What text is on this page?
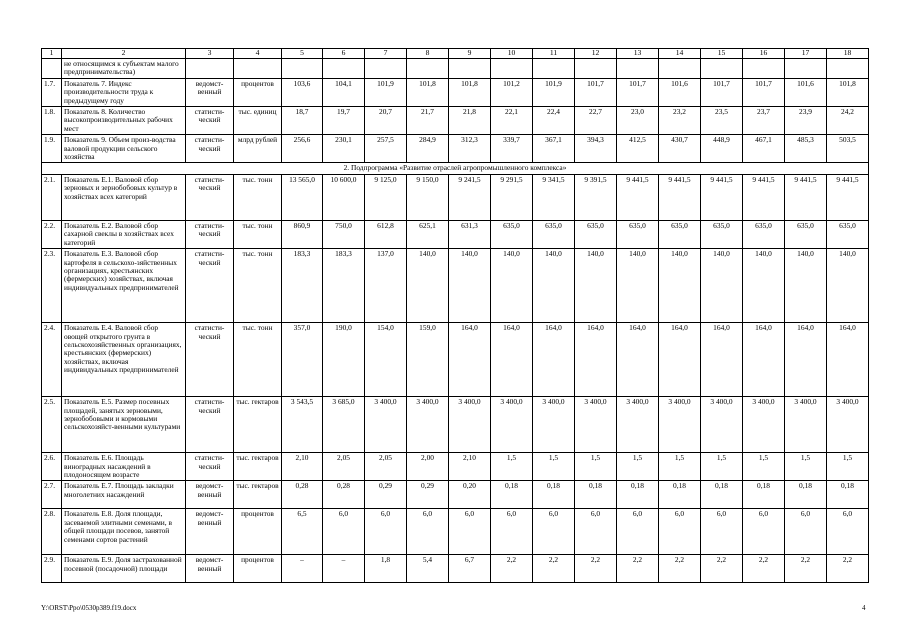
1	2	3	4	5	6	7	8	9	10	11	12	13	14	15	16	17	18
	не относящимся к субъектам малого предпринимательства)																
1.7.	Показатель 7. Индекс производительности труда к предыдущему году	ведомст-венный	процентов	103,6	104,1	101,9	101,8	101,8	101,2	101,9	101,7	101,7	101,6	101,7	101,7	101,6	101,8
1.8.	Показатель 8. Количество высокопроизводительных рабочих мест	статисти-ческий	тыс. единиц	18,7	19,7	20,7	21,7	21,8	22,1	22,4	22,7	23,0	23,2	23,5	23,7	23,9	24,2
1.9.	Показатель 9. Объем произ-водства валовой продукции сельского хозяйства	статисти-ческий	млрд рублей	256,6	230,1	257,5	284,9	312,3	339,7	367,1	394,3	412,5	430,7	448,9	467,1	485,3	503,5
2. Подпрограмма «Развитие отраслей агропромышленного комплекса»																	
2.1.	Показатель Е.1. Валовой сбор зерновых и зернобобовых культур в хозяйствах всех категорий	статисти-ческий	тыс. тонн	13 565,0	10 600,0	9 125,0	9 150,0	9 241,5	9 291,5	9 341,5	9 391,5	9 441,5	9 441,5	9 441,5	9 441,5	9 441,5	9 441,5
2.2.	Показатель Е.2. Валовой сбор сахарной свеклы в хозяйствах всех категорий	статисти-ческий	тыс. тонн	860,9	750,0	612,8	625,1	631,3	635,0	635,0	635,0	635,0	635,0	635,0	635,0	635,0	635,0
2.3.	Показатель Е.3. Валовой сбор картофеля в сельскохо-зяйственных организациях, крестьянских (фермерских) хозяйствах, включая индивидуальных предпринимателей	статисти-ческий	тыс. тонн	183,3	183,3	137,0	140,0	140,0	140,0	140,0	140,0	140,0	140,0	140,0	140,0	140,0	140,0
2.4.	Показатель Е.4. Валовой сбор овощей открытого грунта в сельскохозяйственных организациях, крестьянских (фермерских) хозяйствах, включая индивидуальных предпринимателей	статисти-ческий	тыс. тонн	357,0	190,0	154,0	159,0	164,0	164,0	164,0	164,0	164,0	164,0	164,0	164,0	164,0	164,0
2.5.	Показатель Е.5. Размер посевных площадей, занятых зерновыми, зернобобовыми и кормовыми сельскохозяйст-венными культурами	статисти-ческий	тыс. гектаров	3 543,5	3 685,0	3 400,0	3 400,0	3 400,0	3 400,0	3 400,0	3 400,0	3 400,0	3 400,0	3 400,0	3 400,0	3 400,0	3 400,0
2.6.	Показатель Е.6. Площадь виноградных насаждений в плодоносящем возрасте	статисти-ческий	тыс. гектаров	2,10	2,05	2,05	2,00	2,10	1,5	1,5	1,5	1,5	1,5	1,5	1,5	1,5	1,5
2.7.	Показатель Е.7. Площадь закладки многолетних насаждений	ведомст-венный	тыс. гектаров	0,28	0,28	0,29	0,29	0,20	0,18	0,18	0,18	0,18	0,18	0,18	0,18	0,18	0,18
2.8.	Показатель Е.8. Доля площади, засеваемой элитными семенами, в общей площади посевов, занятой семенами сортов растений	ведомст-венный	процентов	6,5	6,0	6,0	6,0	6,0	6,0	6,0	6,0	6,0	6,0	6,0	6,0	6,0	6,0
2.9.	Показатель Е.9. Доля застрахованной посевной (посадочной) площади	ведомст-венный	процентов	–	–	1,8	5,4	6,7	2,2	2,2	2,2	2,2	2,2	2,2	2,2	2,2	2,2
Y:\ORST\Ppo\0530p389.f19.docx	4
